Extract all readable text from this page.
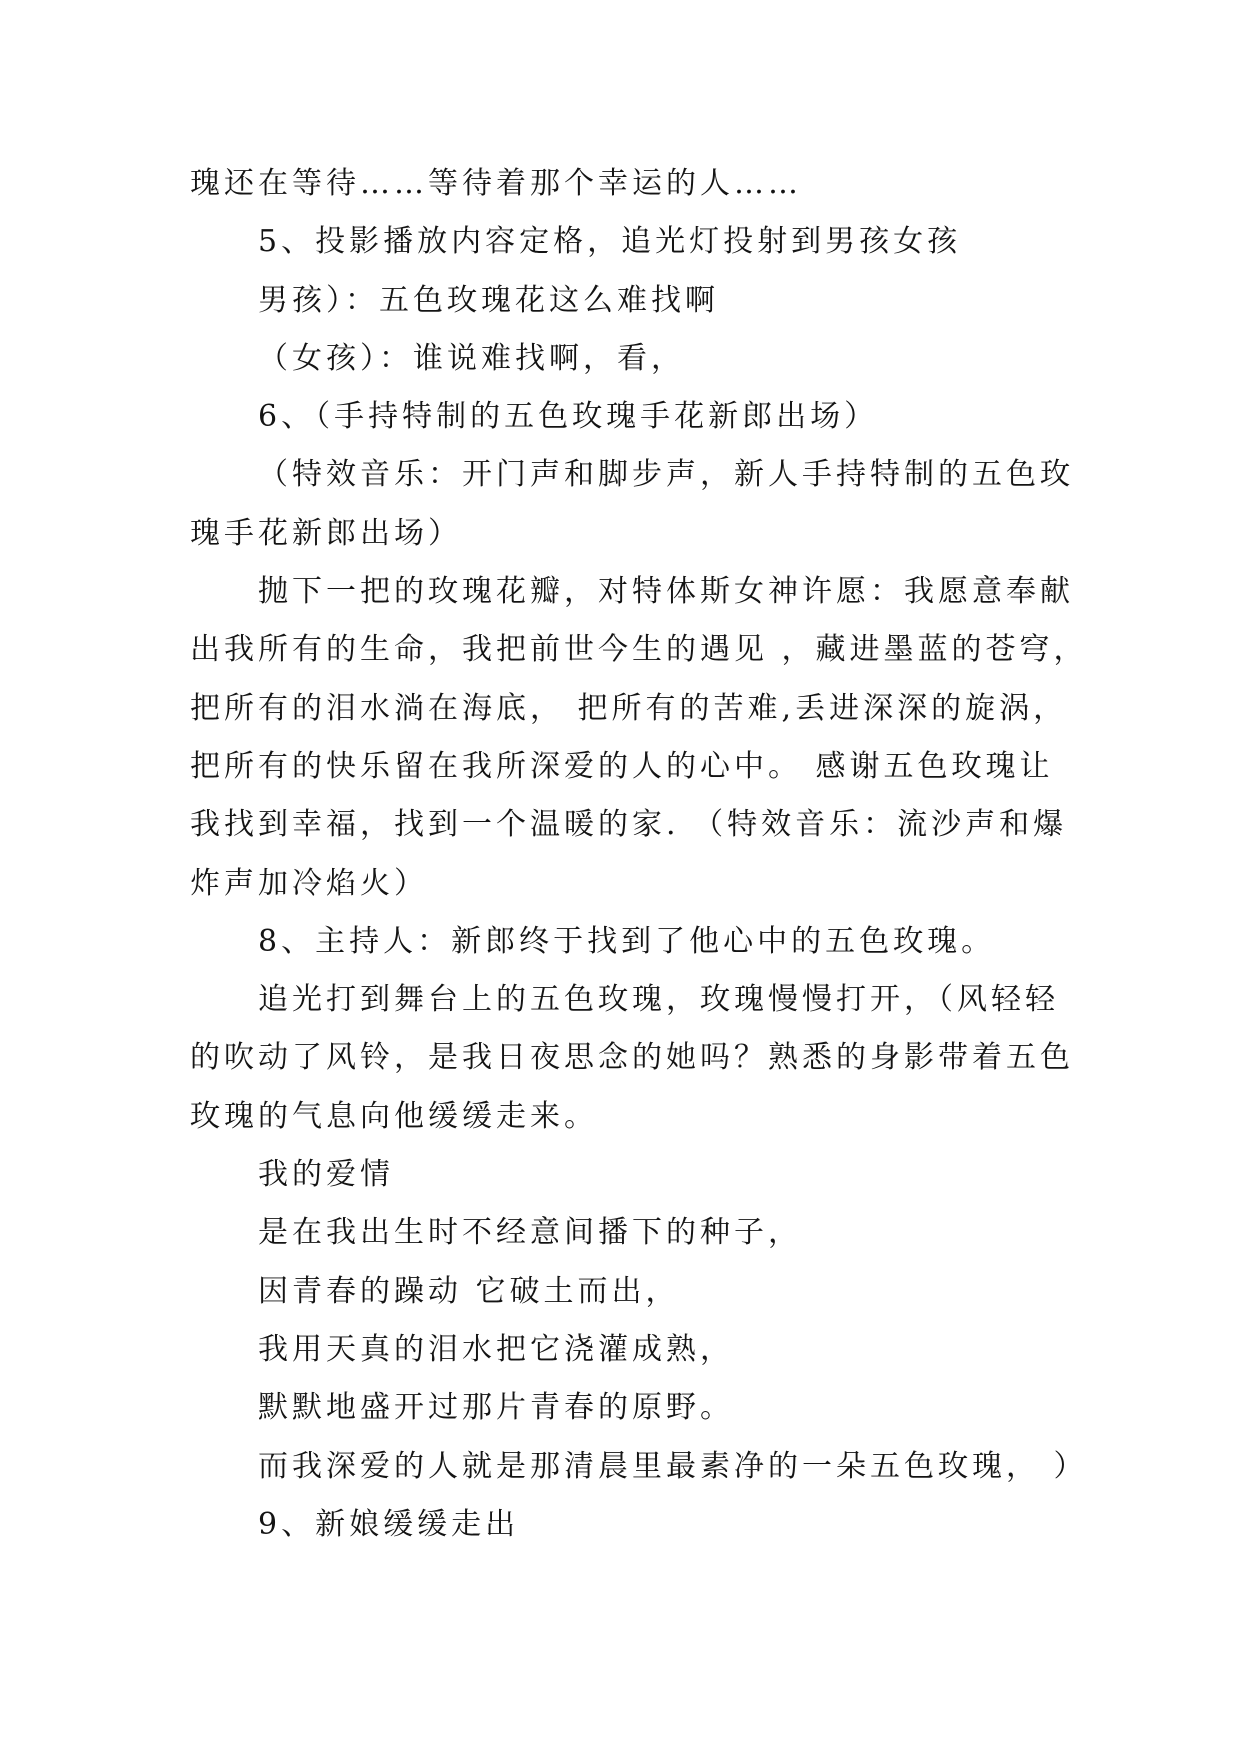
瑰还在等待……等待着那个幸运的人……
5、投影播放内容定格，追光灯投射到男孩女孩
男孩）：五色玫瑰花这么难找啊
（女孩）：谁说难找啊，看，
6、（手持特制的五色玫瑰手花新郎出场）
（特效音乐：开门声和脚步声，新人手持特制的五色玫
瑰手花新郎出场）
抛下一把的玫瑰花瓣，对特体斯女神许愿：我愿意奉献
出我所有的生命，我把前世今生的遇见 ，藏进墨蓝的苍穹，
把所有的泪水淌在海底， 把所有的苦难,丢进深深的旋涡，
把所有的快乐留在我所深爱的人的心中。 感谢五色玫瑰让
我找到幸福，找到一个温暖的家. （特效音乐：流沙声和爆
炸声加冷焰火）
8、主持人：新郎终于找到了他心中的五色玫瑰。
追光打到舞台上的五色玫瑰，玫瑰慢慢打开，（风轻轻
的吹动了风铃，是我日夜思念的她吗？熟悉的身影带着五色
玫瑰的气息向他缓缓走来。
我的爱情
是在我出生时不经意间播下的种子，
因青春的躁动 它破土而出，
我用天真的泪水把它浇灌成熟，
默默地盛开过那片青春的原野。
而我深爱的人就是那清晨里最素净的一朵五色玫瑰， ）
9、新娘缓缓走出
